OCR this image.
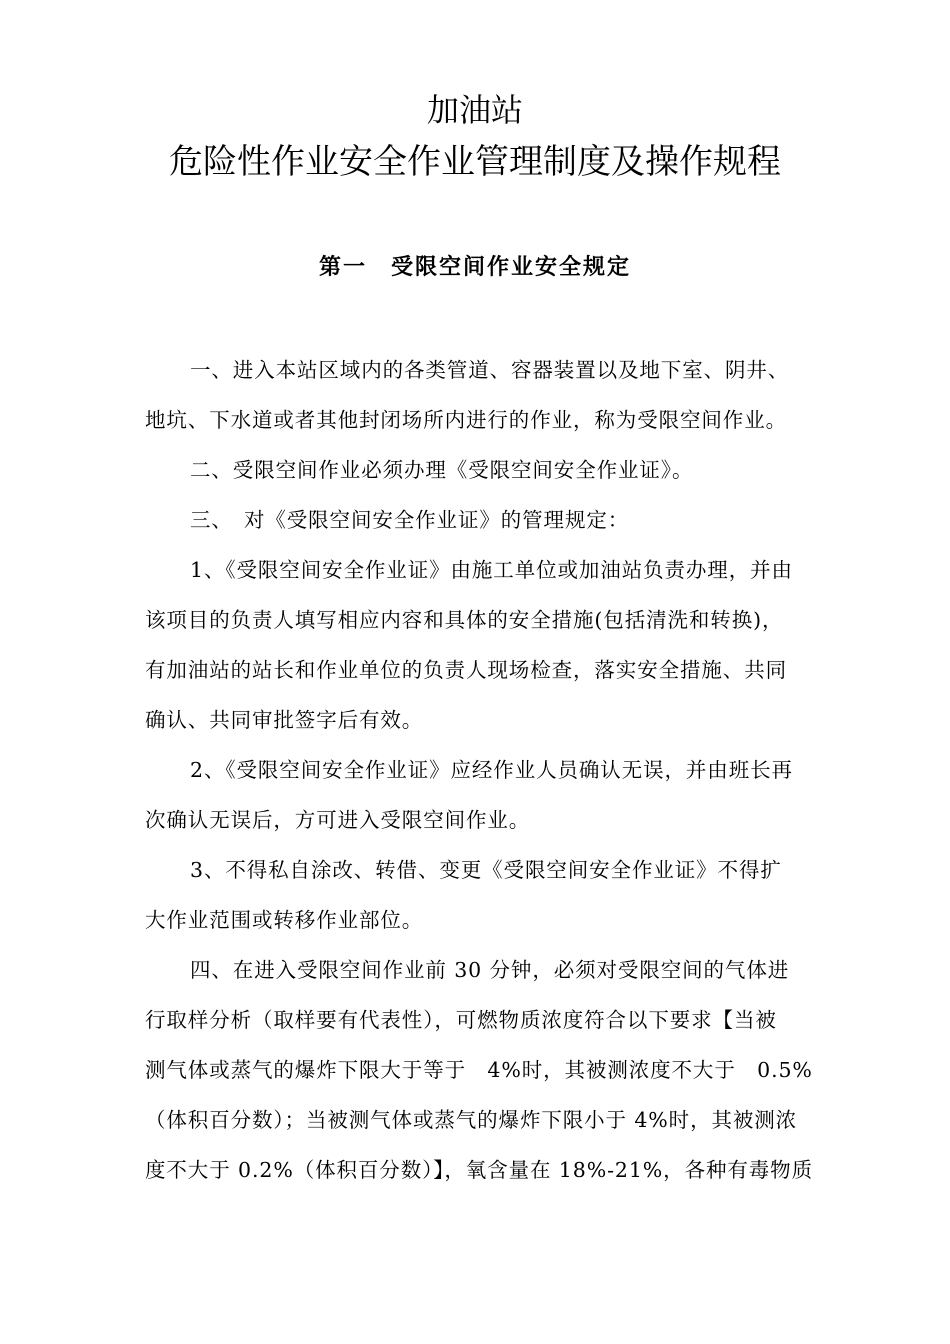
加油站
危险性作业安全作业管理制度及操作规程
第一　受限空间作业安全规定
一、进入本站区域内的各类管道、容器装置以及地下室、阴井、
地坑、下水道或者其他封闭场所内进行的作业，称为受限空间作业。
二、受限空间作业必须办理《受限空间安全作业证》。
三、　对《受限空间安全作业证》的管理规定：
1、《受限空间安全作业证》由施工单位或加油站负责办理，并由
该项目的负责人填写相应内容和具体的安全措施(包括清洗和转换)，
有加油站的站长和作业单位的负责人现场检查，落实安全措施、共同
确认、共同审批签字后有效。
2、《受限空间安全作业证》应经作业人员确认无误，并由班长再
次确认无误后，方可进入受限空间作业。
3、不得私自涂改、转借、变更《受限空间安全作业证》不得扩
大作业范围或转移作业部位。
四、在进入受限空间作业前 30 分钟，必须对受限空间的气体进
行取样分析（取样要有代表性），可燃物质浓度符合以下要求【当被
测气体或蒸气的爆炸下限大于等于　4%时，其被测浓度不大于　0.5%
（体积百分数）；当被测气体或蒸气的爆炸下限小于 4%时，其被测浓
度不大于 0.2%（体积百分数）】，氧含量在 18%-21%，各种有毒物质
